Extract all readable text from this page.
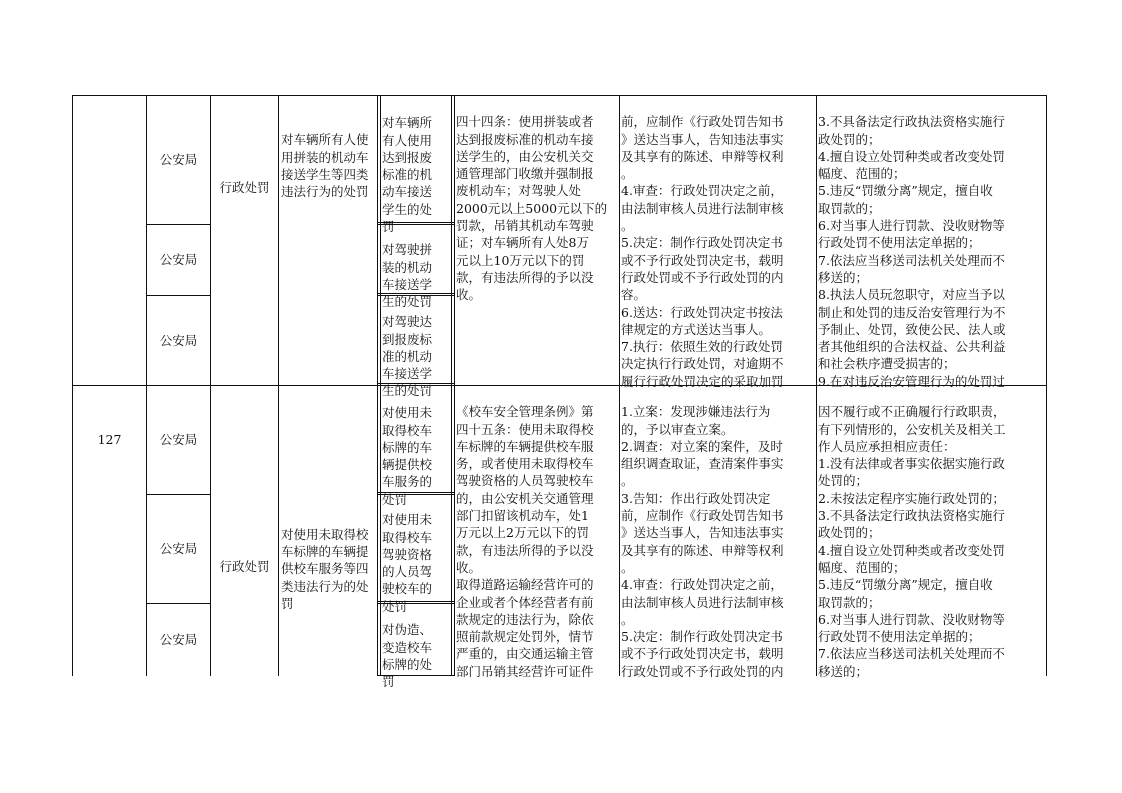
公安局
公安局
公安局
行政处罚
对车辆所有人使用拼装的机动车接送学生等四类违法行为的处罚

对车辆所
有人使用
达到报废
标准的机
动车接送
学生的处
罚

对驾驶拼
装的机动
车接送学
生的处罚

对驾驶达
到报废标
准的机动
车接送学
生的处罚

四十四条：使用拼装或者
达到报废标准的机动车接
送学生的，由公安机关交
通管理部门收缴并强制报
废机动车；对驾驶人处
2000元以上5000元以下的
罚款，吊销其机动车驾驶
证；对车辆所有人处8万
元以上10万元以下的罚
款，有违法所得的予以没
收。

前，应制作《行政处罚告知书
》送达当事人，告知违法事实
及其享有的陈述、申辩等权利
。
4.审查：行政处罚决定之前，
由法制审核人员进行法制审核
。
5.决定：制作行政处罚决定书
或不予行政处罚决定书，载明
行政处罚或不予行政处罚的内
容。
6.送达：行政处罚决定书按法
律规定的方式送达当事人。
7.执行：依照生效的行政处罚
决定执行行政处罚，对逾期不
履行行政处罚决定的采取加罚

3.不具备法定行政执法资格实施行
政处罚的；
4.擅自设立处罚种类或者改变处罚
幅度、范围的；
5.违反“罚缴分离”规定，擅自收
取罚款的；
6.对当事人进行罚款、没收财物等
行政处罚不使用法定单据的；
7.依法应当移送司法机关处理而不
移送的；
8.执法人员玩忽职守，对应当予以
制止和处罚的违反治安管理行为不
予制止、处罚，致使公民、法人或
者其他组织的合法权益、公共利益
和社会秩序遭受损害的；
9.在对违反治安管理行为的处罚过

127	公安局
公安局
公安局
行政处罚
对使用未取得校车标牌的车辆提供校车服务等四类违法行为的处罚

对使用未
取得校车
标牌的车
辆提供校
车服务的
处罚

对使用未
取得校车
驾驶资格
的人员驾
驶校车的
处罚

对伪造、
变造校车
标牌的处
罚

《校车安全管理条例》第
四十五条：使用未取得校
车标牌的车辆提供校车服
务，或者使用未取得校车
驾驶资格的人员驾驶校车
的，由公安机关交通管理
部门扣留该机动车，处1
万元以上2万元以下的罚
款，有违法所得的予以没
收。
取得道路运输经营许可的
企业或者个体经营者有前
款规定的违法行为，除依
照前款规定处罚外，情节
严重的，由交通运输主管
部门吊销其经营许可证件

1.立案：发现涉嫌违法行为
的，予以审查立案。
2.调查：对立案的案件，及时
组织调查取证，查清案件事实
。
3.告知：作出行政处罚决定
前，应制作《行政处罚告知书
》送达当事人，告知违法事实
及其享有的陈述、申辩等权利
。
4.审查：行政处罚决定之前，
由法制审核人员进行法制审核
。
5.决定：制作行政处罚决定书
或不予行政处罚决定书，载明
行政处罚或不予行政处罚的内

因不履行或不正确履行行政职责，
有下列情形的，公安机关及相关工
作人员应承担相应责任：
1.没有法律或者事实依据实施行政
处罚的；
2.未按法定程序实施行政处罚的；
3.不具备法定行政执法资格实施行
政处罚的；
4.擅自设立处罚种类或者改变处罚
幅度、范围的；
5.违反“罚缴分离”规定，擅自收
取罚款的；
6.对当事人进行罚款、没收财物等
行政处罚不使用法定单据的；
7.依法应当移送司法机关处理而不
移送的；
